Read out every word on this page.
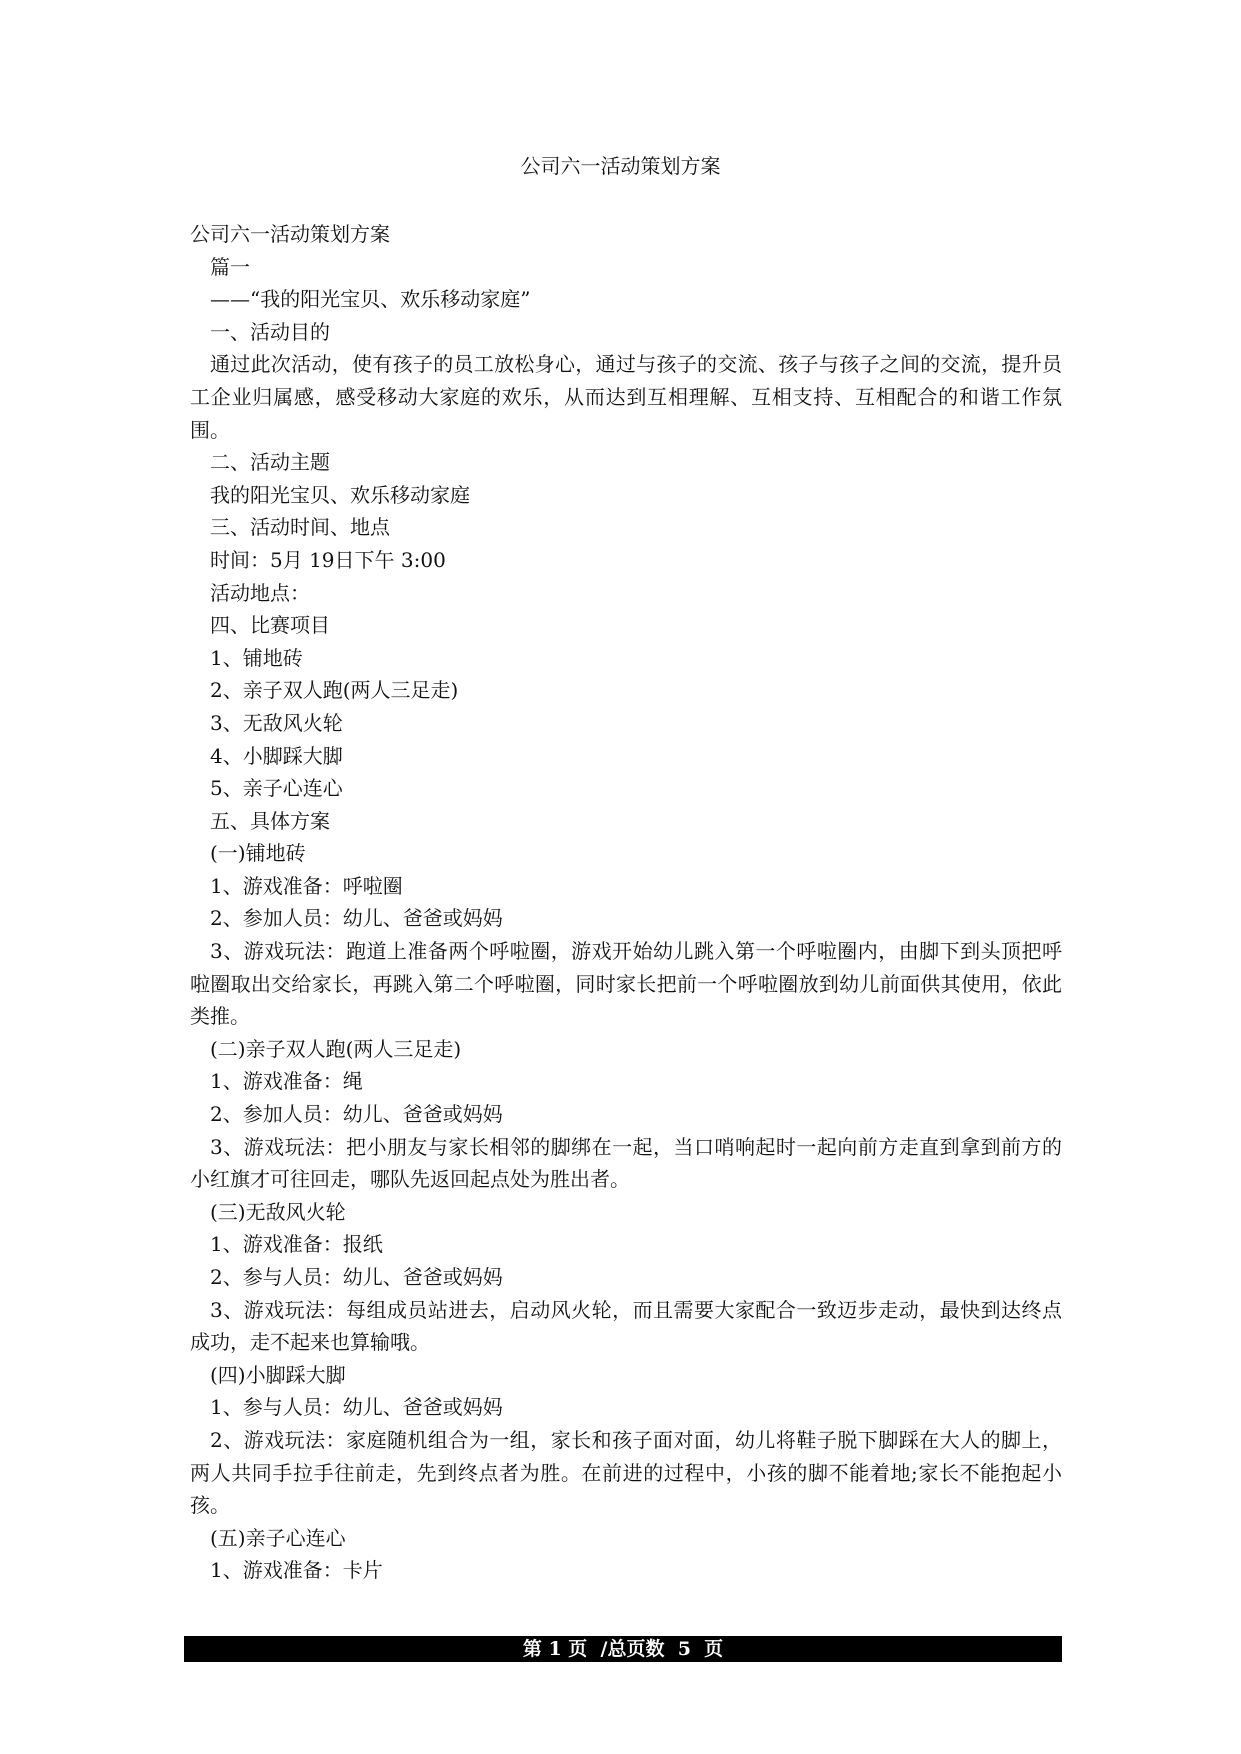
公司六一活动策划方案
公司六一活动策划方案
篇一
——“我的阳光宝贝、欢乐移动家庭”
一、活动目的
通过此次活动，使有孩子的员工放松身心，通过与孩子的交流、孩子与孩子之间的交流，提升员工企业归属感，感受移动大家庭的欢乐，从而达到互相理解、互相支持、互相配合的和谐工作氛围。
二、活动主题
我的阳光宝贝、欢乐移动家庭
三、活动时间、地点
时间：5月 19日下午 3:00
活动地点：
四、比赛项目
1、铺地砖
2、亲子双人跑(两人三足走)
3、无敌风火轮
4、小脚踩大脚
5、亲子心连心
五、具体方案
(一)铺地砖
1、游戏准备：呼啦圈
2、参加人员：幼儿、爸爸或妈妈
3、游戏玩法：跑道上准备两个呼啦圈，游戏开始幼儿跳入第一个呼啦圈内，由脚下到头顶把呼啦圈取出交给家长，再跳入第二个呼啦圈，同时家长把前一个呼啦圈放到幼儿前面供其使用，依此类推。
(二)亲子双人跑(两人三足走)
1、游戏准备：绳
2、参加人员：幼儿、爸爸或妈妈
3、游戏玩法：把小朋友与家长相邻的脚绑在一起，当口哨响起时一起向前方走直到拿到前方的小红旗才可往回走，哪队先返回起点处为胜出者。
(三)无敌风火轮
1、游戏准备：报纸
2、参与人员：幼儿、爸爸或妈妈
3、游戏玩法：每组成员站进去，启动风火轮，而且需要大家配合一致迈步走动，最快到达终点成功，走不起来也算输哦。
(四)小脚踩大脚
1、参与人员：幼儿、爸爸或妈妈
2、游戏玩法：家庭随机组合为一组，家长和孩子面对面，幼儿将鞋子脱下脚踩在大人的脚上，两人共同手拉手往前走，先到终点者为胜。在前进的过程中，小孩的脚不能着地;家长不能抱起小孩。
(五)亲子心连心
1、游戏准备：卡片
第 1 页  /总页数  5  页
